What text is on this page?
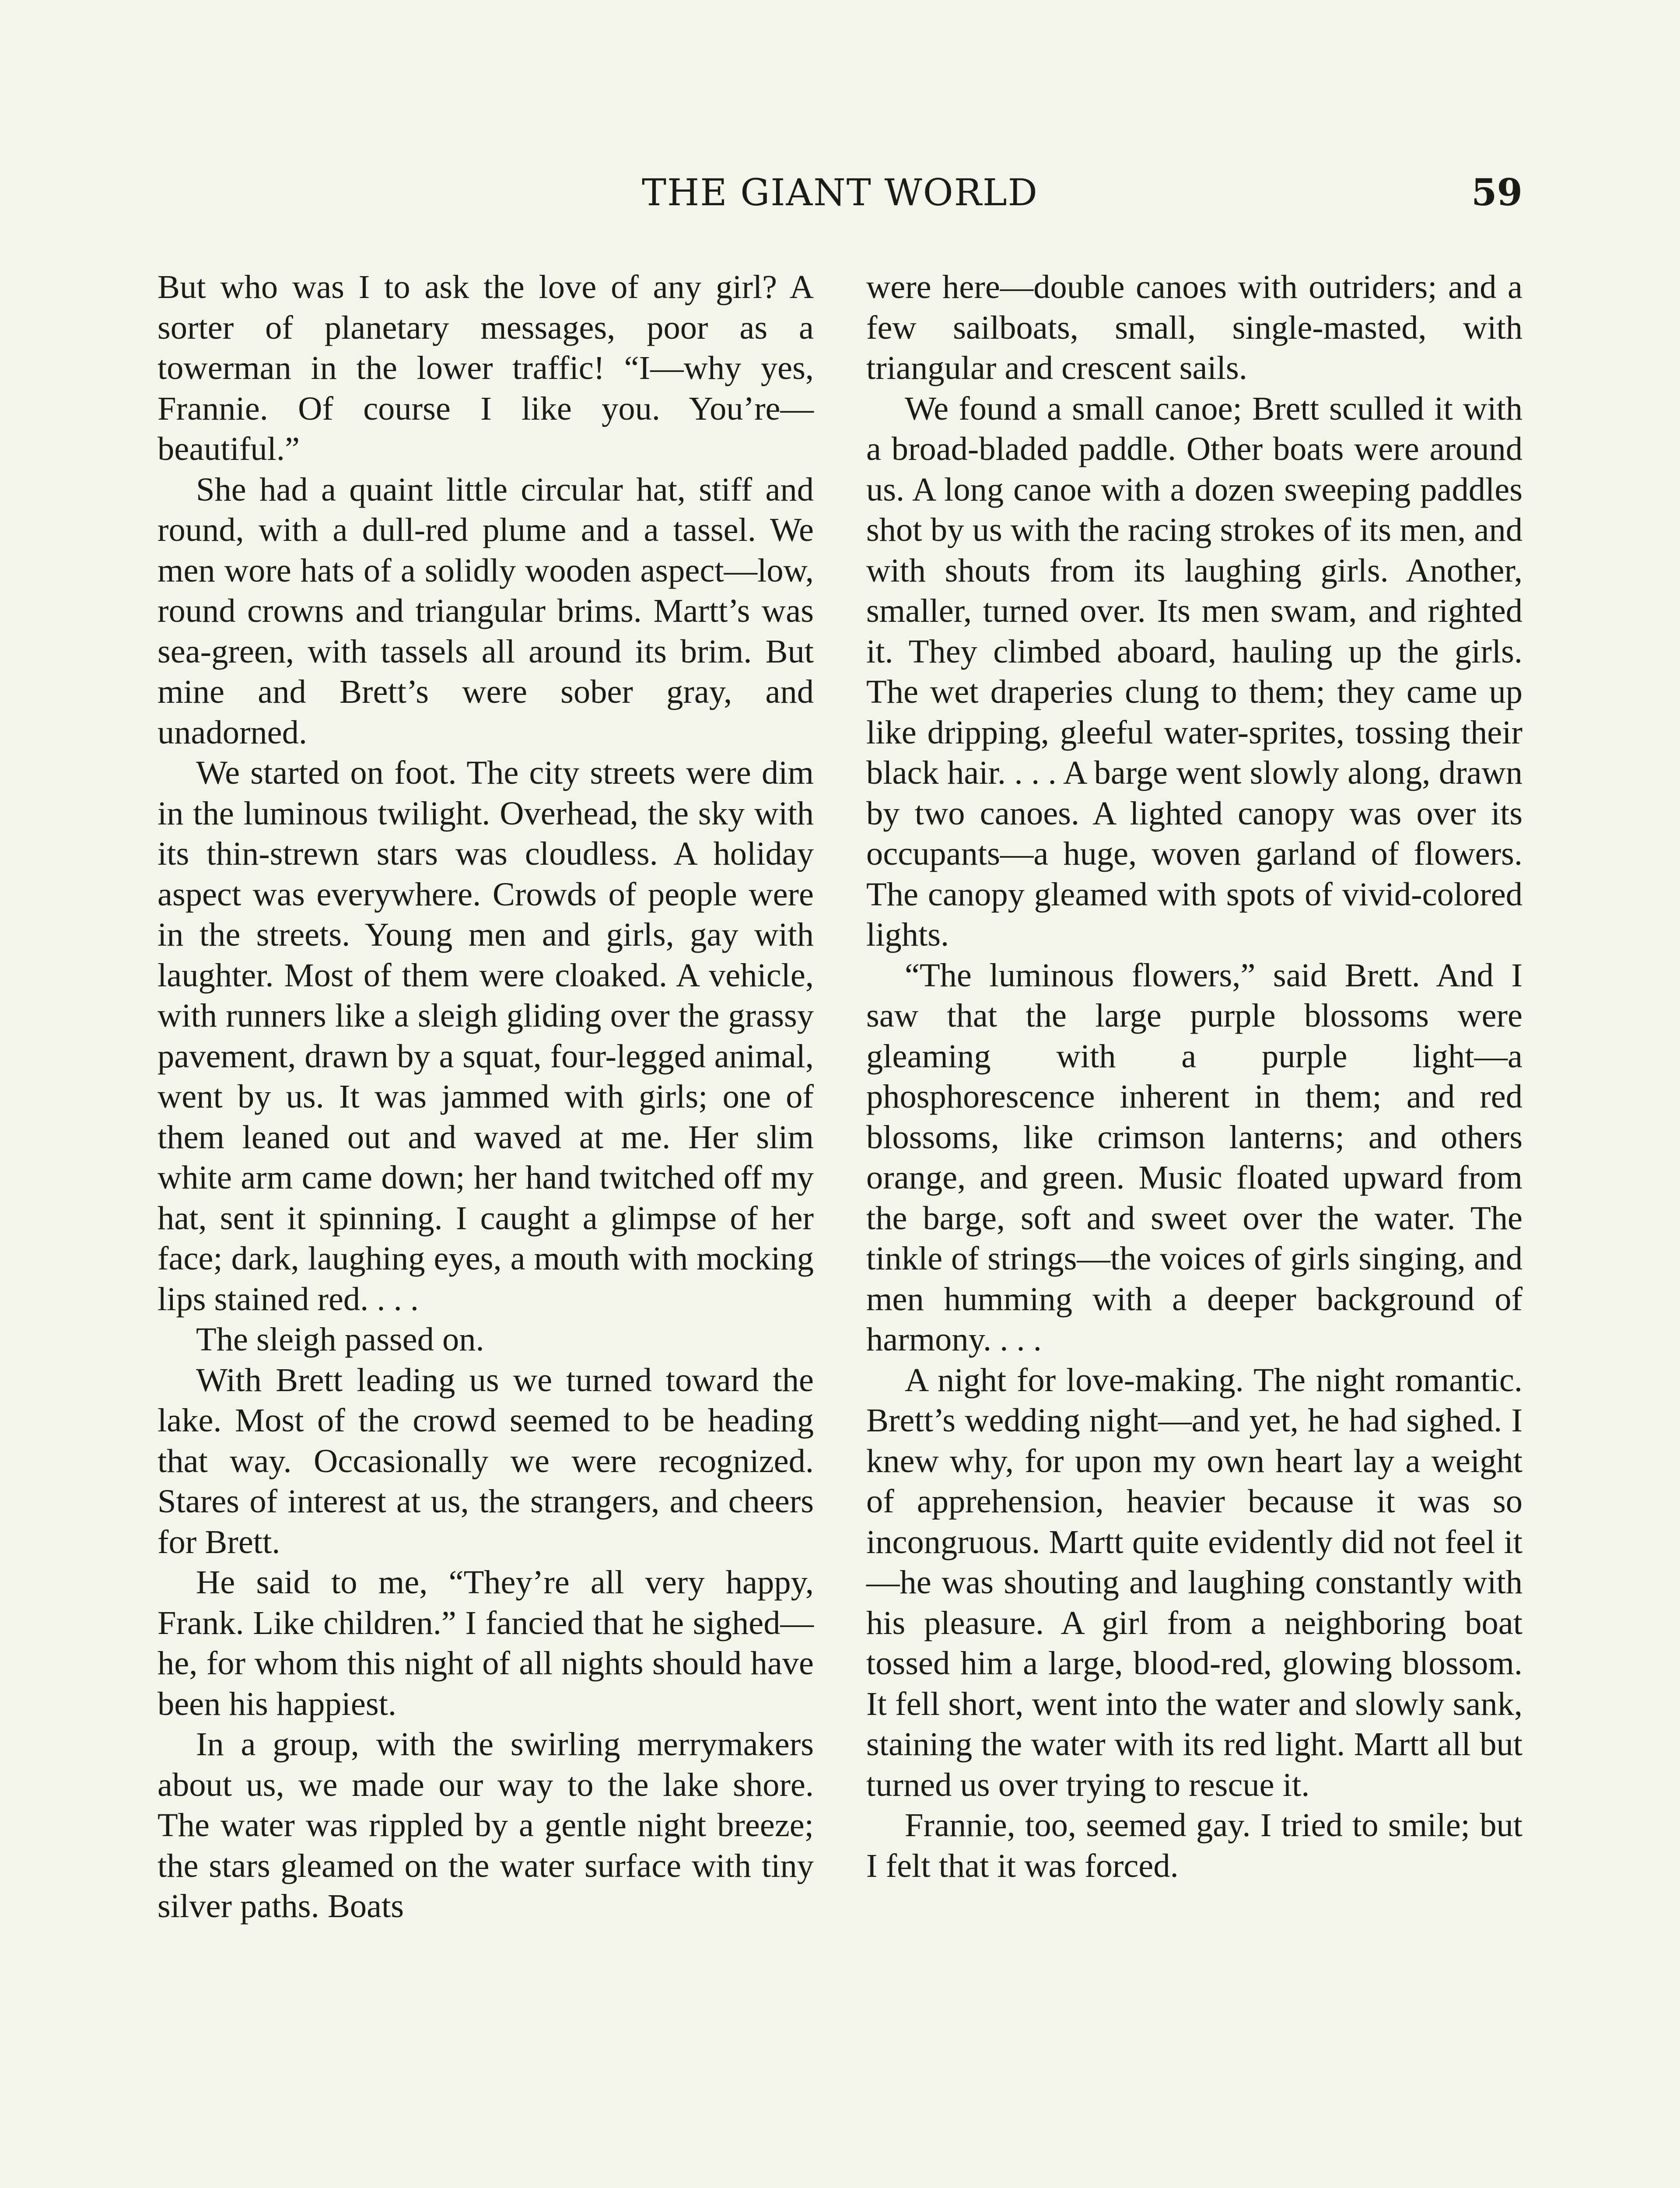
THE GIANT WORLD	59

But who was I to ask the love of any girl? A sorter of planetary messages, poor as a towerman in the lower traffic! “I—why yes, Frannie. Of course I like you. You’re—beautiful.”

She had a quaint little circular hat, stiff and round, with a dull-red plume and a tassel. We men wore hats of a solidly wooden aspect—low, round crowns and triangular brims. Martt’s was sea-green, with tassels all around its brim. But mine and Brett’s were sober gray, and unadorned.

We started on foot. The city streets were dim in the luminous twilight. Overhead, the sky with its thin-strewn stars was cloudless. A holiday aspect was everywhere. Crowds of people were in the streets. Young men and girls, gay with laughter. Most of them were cloaked. A vehicle, with runners like a sleigh gliding over the grassy pavement, drawn by a squat, four-legged animal, went by us. It was jammed with girls; one of them leaned out and waved at me. Her slim white arm came down; her hand twitched off my hat, sent it spinning. I caught a glimpse of her face; dark, laughing eyes, a mouth with mocking lips stained red. . . .

The sleigh passed on.

With Brett leading us we turned toward the lake. Most of the crowd seemed to be heading that way. Occasionally we were recognized. Stares of interest at us, the strangers, and cheers for Brett.

He said to me, “They’re all very happy, Frank. Like children.” I fancied that he sighed—he, for whom this night of all nights should have been his happiest.

In a group, with the swirling merrymakers about us, we made our way to the lake shore. The water was rippled by a gentle night breeze; the stars gleamed on the water surface with tiny silver paths. Boats

were here—double canoes with outriders; and a few sailboats, small, single-masted, with triangular and crescent sails.

We found a small canoe; Brett sculled it with a broad-bladed paddle. Other boats were around us. A long canoe with a dozen sweeping paddles shot by us with the racing strokes of its men, and with shouts from its laughing girls. Another, smaller, turned over. Its men swam, and righted it. They climbed aboard, hauling up the girls. The wet draperies clung to them; they came up like dripping, gleeful water-sprites, tossing their black hair. . . . A barge went slowly along, drawn by two canoes. A lighted canopy was over its occupants—a huge, woven garland of flowers. The canopy gleamed with spots of vivid-colored lights.

“The luminous flowers,” said Brett. And I saw that the large purple blossoms were gleaming with a purple light—a phosphorescence inherent in them; and red blossoms, like crimson lanterns; and others orange, and green. Music floated upward from the barge, soft and sweet over the water. The tinkle of strings—the voices of girls singing, and men humming with a deeper background of harmony. . . .

A night for love-making. The night romantic. Brett’s wedding night—and yet, he had sighed. I knew why, for upon my own heart lay a weight of apprehension, heavier because it was so incongruous. Martt quite evidently did not feel it —he was shouting and laughing constantly with his pleasure. A girl from a neighboring boat tossed him a large, blood-red, glowing blossom. It fell short, went into the water and slowly sank, staining the water with its red light. Martt all but turned us over trying to rescue it.

Frannie, too, seemed gay. I tried to smile; but I felt that it was forced.
